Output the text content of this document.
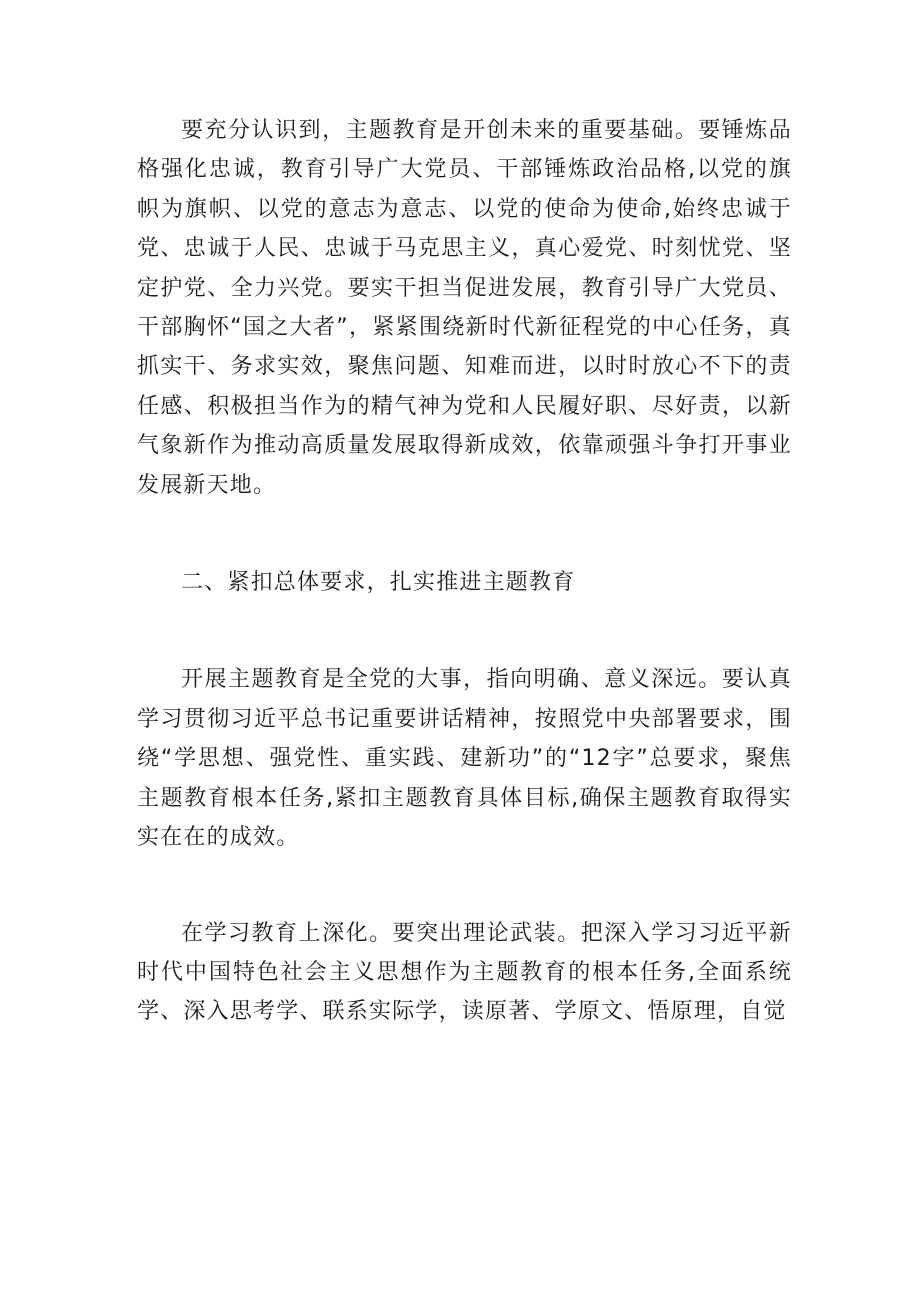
要充分认识到，主题教育是开创未来的重要基础。要锤炼品格强化忠诚，教育引导广大党员、干部锤炼政治品格,以党的旗帜为旗帜、以党的意志为意志、以党的使命为使命,始终忠诚于党、忠诚于人民、忠诚于马克思主义，真心爱党、时刻忧党、坚定护党、全力兴党。要实干担当促进发展，教育引导广大党员、干部胸怀“国之大者”，紧紧围绕新时代新征程党的中心任务，真抓实干、务求实效，聚焦问题、知难而进，以时时放心不下的责任感、积极担当作为的精气神为党和人民履好职、尽好责，以新气象新作为推动高质量发展取得新成效，依靠顽强斗争打开事业发展新天地。

二、紧扣总体要求，扎实推进主题教育

开展主题教育是全党的大事，指向明确、意义深远。要认真学习贯彻习近平总书记重要讲话精神，按照党中央部署要求，围绕“学思想、强党性、重实践、建新功”的“12字”总要求，聚焦主题教育根本任务,紧扣主题教育具体目标,确保主题教育取得实实在在的成效。

在学习教育上深化。要突出理论武装。把深入学习习近平新时代中国特色社会主义思想作为主题教育的根本任务,全面系统学、深入思考学、联系实际学，读原著、学原文、悟原理，自觉
